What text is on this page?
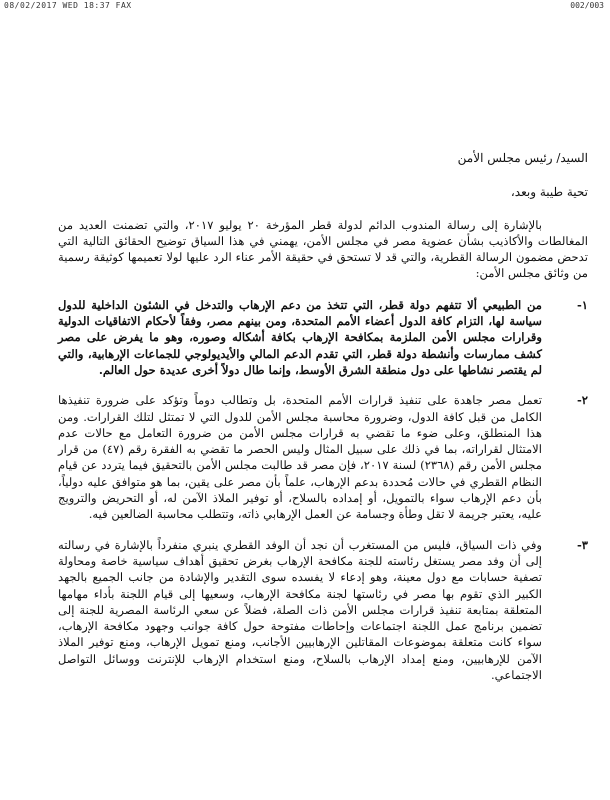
08/02/2017 WED 18:37 FAX	002/003

السيد/ رئيس مجلس الأمن

تحية طيبة وبعد،

بالإشارة إلى رسالة المندوب الدائم لدولة قطر المؤرخة ٢٠ يوليو ٢٠١٧، والتي تضمنت العديد من المغالطات والأكاذيب بشأن عضوية مصر في مجلس الأمن، يهمني في هذا السياق توضيح الحقائق التالية التي تدحض مضمون الرسالة القطرية، والتي قد لا تستحق في حقيقة الأمر عناء الرد عليها لولا تعميمها كوثيقة رسمية من وثائق مجلس الأمن:

١-
من الطبيعي ألا تتفهم دولة قطر، التي تتخذ من دعم الإرهاب والتدخل في الشئون الداخلية للدول سياسة لها، التزام كافة الدول أعضاء الأمم المتحدة، ومن بينهم مصر، وفقاً لأحكام الاتفاقيات الدولية وقرارات مجلس الأمن الملزمة بمكافحة الإرهاب بكافة أشكاله وصوره، وهو ما يفرض على مصر كشف ممارسات وأنشطة دولة قطر، التي تقدم الدعم المالي والأيديولوجي للجماعات الإرهابية، والتي لم يقتصر نشاطها على دول منطقة الشرق الأوسط، وإنما طال دولاً أخرى عديدة حول العالم.
٢-
تعمل مصر جاهدة على تنفيذ قرارات الأمم المتحدة، بل وتطالب دوماً وتؤكد على ضرورة تنفيذها الكامل من قبل كافة الدول، وضرورة محاسبة مجلس الأمن للدول التي لا تمتثل لتلك القرارات. ومن هذا المنطلق، وعلى ضوء ما تقضي به قرارات مجلس الأمن من ضرورة التعامل مع حالات عدم الامتثال لقراراته، بما في ذلك على سبيل المثال وليس الحصر ما تقضي به الفقرة رقم (٤٧) من قرار مجلس الأمن رقم (٢٣٦٨) لسنة ٢٠١٧، فإن مصر قد طالبت مجلس الأمن بالتحقيق فيما يتردد عن قيام النظام القطري في حالات مُحددة بدعم الإرهاب، علماً بأن مصر على يقين، بما هو متوافق عليه دولياً، بأن دعم الإرهاب سواء بالتمويل، أو إمداده بالسلاح، أو توفير الملاذ الآمن له، أو التحريض والترويج عليه، يعتبر جريمة لا تقل وطأة وجسامة عن العمل الإرهابي ذاته، وتتطلب محاسبة الضالعين فيه.
٣-
وفي ذات السياق، فليس من المستغرب أن نجد أن الوفد القطري ينبري منفرداً بالإشارة في رسالته إلى أن وفد مصر يستغل رئاسته للجنة مكافحة الإرهاب بغرض تحقيق أهداف سياسية خاصة ومحاولة تصفية حسابات مع دول معينة، وهو إدعاء لا يفسده سوى التقدير والإشادة من جانب الجميع بالجهد الكبير الذي تقوم بها مصر في رئاستها لجنة مكافحة الإرهاب، وسعيها إلى قيام اللجنة بأداء مهامها المتعلقة بمتابعة تنفيذ قرارات مجلس الأمن ذات الصلة، فضلاً عن سعي الرئاسة المصرية للجنة إلى تضمين برنامج عمل اللجنة اجتماعات وإحاطات مفتوحة حول كافة جوانب وجهود مكافحة الإرهاب، سواء كانت متعلقة بموضوعات المقاتلين الإرهابيين الأجانب، ومنع تمويل الإرهاب، ومنع توفير الملاذ الآمن للإرهابيين، ومنع إمداد الإرهاب بالسلاح، ومنع استخدام الإرهاب للإنترنت ووسائل التواصل الاجتماعي.
